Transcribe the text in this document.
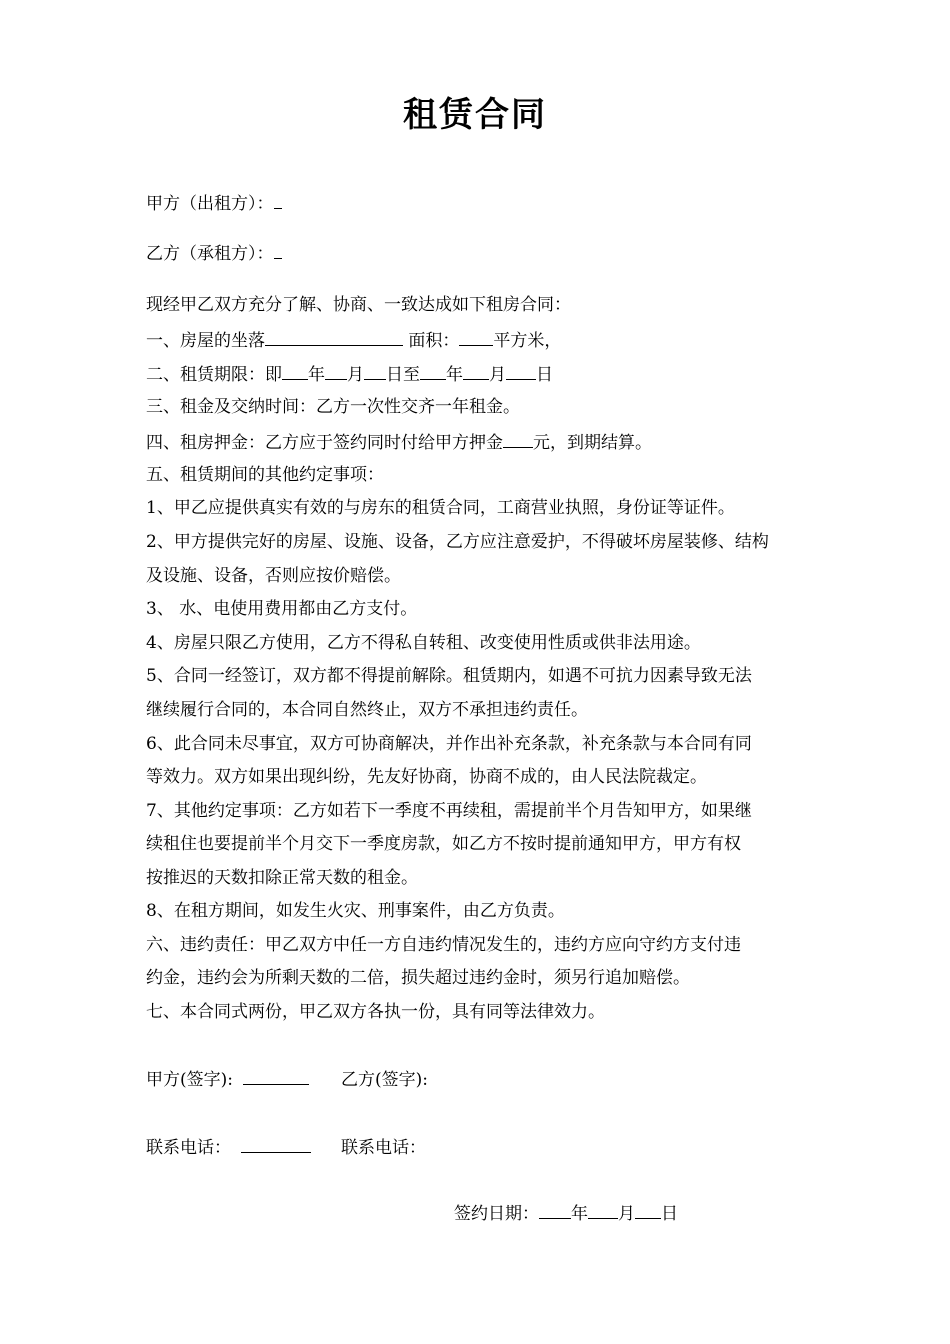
租赁合同
甲方（出租方）：
乙方（承租方）：
现经甲乙双方充分了解、协商、一致达成如下租房合同：
一、房屋的坐落	面积： 平方米，
二、租赁期限：即 年 月 日至 年 月 日
三、租金及交纳时间：乙方一次性交齐一年租金。
四、租房押金：乙方应于签约同时付给甲方押金 元，到期结算。
五、租赁期间的其他约定事项：
1、甲乙应提供真实有效的与房东的租赁合同，工商营业执照，身份证等证件。
2、甲方提供完好的房屋、设施、设备，乙方应注意爱护，不得破坏房屋装修、结构
及设施、设备，否则应按价赔偿。
3、 水、电使用费用都由乙方支付。
4、房屋只限乙方使用，乙方不得私自转租、改变使用性质或供非法用途。
5、合同一经签订，双方都不得提前解除。租赁期内，如遇不可抗力因素导致无法
继续履行合同的，本合同自然终止，双方不承担违约责任。
6、此合同未尽事宜，双方可协商解决，并作出补充条款，补充条款与本合同有同
等效力。双方如果出现纠纷，先友好协商，协商不成的，由人民法院裁定。
7、其他约定事项：乙方如若下一季度不再续租，需提前半个月告知甲方，如果继
续租住也要提前半个月交下一季度房款，如乙方不按时提前通知甲方，甲方有权
按推迟的天数扣除正常天数的租金。
8、在租方期间，如发生火灾、刑事案件，由乙方负责。
六、违约责任：甲乙双方中任一方自违约情况发生的，违约方应向守约方支付违
约金，违约会为所剩天数的二倍，损失超过违约金时，须另行追加赔偿。
七、本合同式两份，甲乙双方各执一份，具有同等法律效力。
甲方(签字):	乙方(签字):
联系电话：	联系电话：
签约日期： 年 月 日
